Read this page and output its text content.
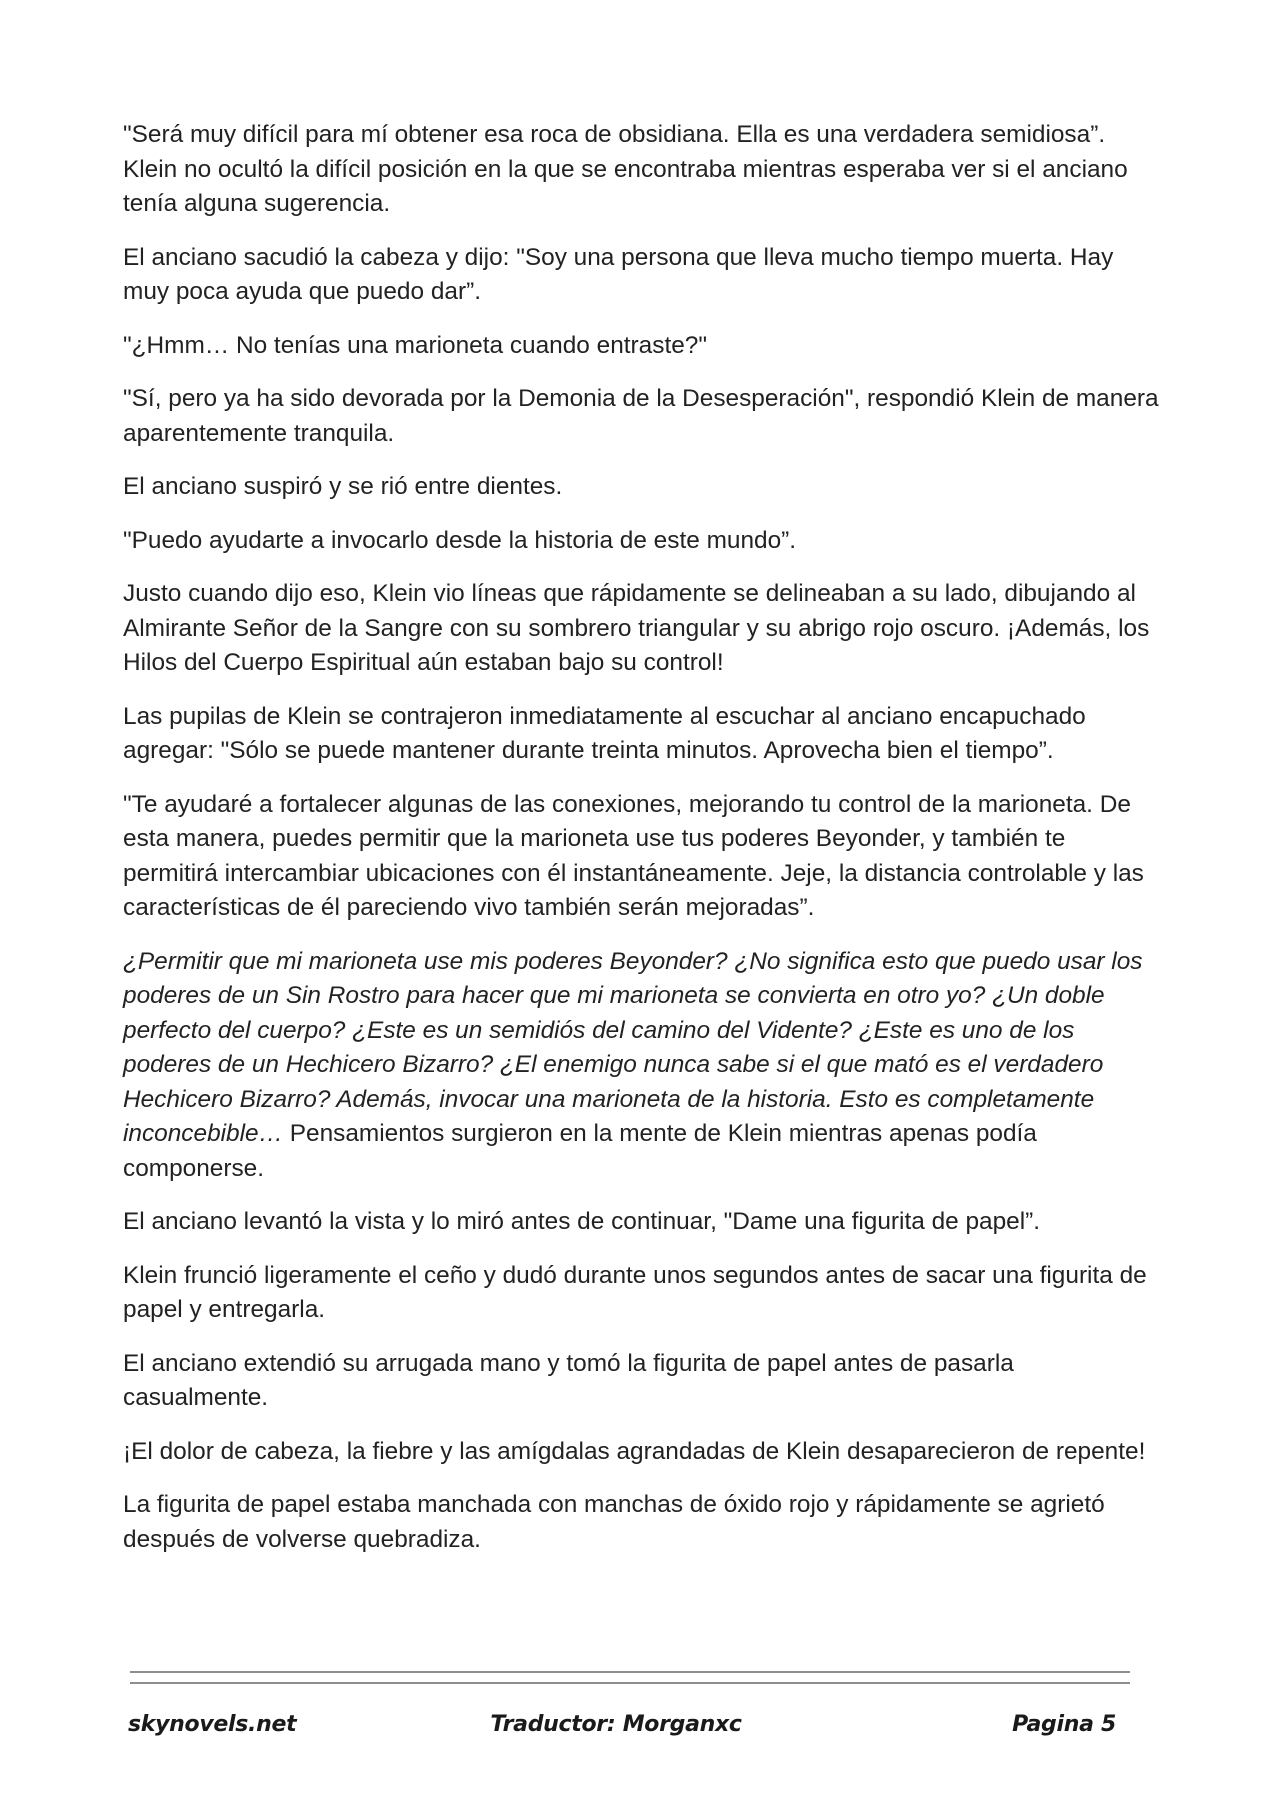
"Será muy difícil para mí obtener esa roca de obsidiana. Ella es una verdadera semidiosa”. Klein no ocultó la difícil posición en la que se encontraba mientras esperaba ver si el anciano tenía alguna sugerencia.

El anciano sacudió la cabeza y dijo: "Soy una persona que lleva mucho tiempo muerta. Hay muy poca ayuda que puedo dar”.

"¿Hmm… No tenías una marioneta cuando entraste?"

"Sí, pero ya ha sido devorada por la Demonia de la Desesperación", respondió Klein de manera aparentemente tranquila.

El anciano suspiró y se rió entre dientes.

"Puedo ayudarte a invocarlo desde la historia de este mundo”.

Justo cuando dijo eso, Klein vio líneas que rápidamente se delineaban a su lado, dibujando al Almirante Señor de la Sangre con su sombrero triangular y su abrigo rojo oscuro. ¡Además, los Hilos del Cuerpo Espiritual aún estaban bajo su control!

Las pupilas de Klein se contrajeron inmediatamente al escuchar al anciano encapuchado agregar: "Sólo se puede mantener durante treinta minutos. Aprovecha bien el tiempo”.

"Te ayudaré a fortalecer algunas de las conexiones, mejorando tu control de la marioneta. De esta manera, puedes permitir que la marioneta use tus poderes Beyonder, y también te permitirá intercambiar ubicaciones con él instantáneamente. Jeje, la distancia controlable y las características de él pareciendo vivo también serán mejoradas”.

¿Permitir que mi marioneta use mis poderes Beyonder? ¿No significa esto que puedo usar los poderes de un Sin Rostro para hacer que mi marioneta se convierta en otro yo? ¿Un doble perfecto del cuerpo? ¿Este es un semidiós del camino del Vidente? ¿Este es uno de los poderes de un Hechicero Bizarro? ¿El enemigo nunca sabe si el que mató es el verdadero Hechicero Bizarro? Además, invocar una marioneta de la historia. Esto es completamente inconcebible… Pensamientos surgieron en la mente de Klein mientras apenas podía componerse.

El anciano levantó la vista y lo miró antes de continuar, "Dame una figurita de papel”.

Klein frunció ligeramente el ceño y dudó durante unos segundos antes de sacar una figurita de papel y entregarla.

El anciano extendió su arrugada mano y tomó la figurita de papel antes de pasarla casualmente.

¡El dolor de cabeza, la fiebre y las amígdalas agrandadas de Klein desaparecieron de repente!

La figurita de papel estaba manchada con manchas de óxido rojo y rápidamente se agrietó después de volverse quebradiza.

skynovels.net	Traductor: Morganxc	Pagina 5
